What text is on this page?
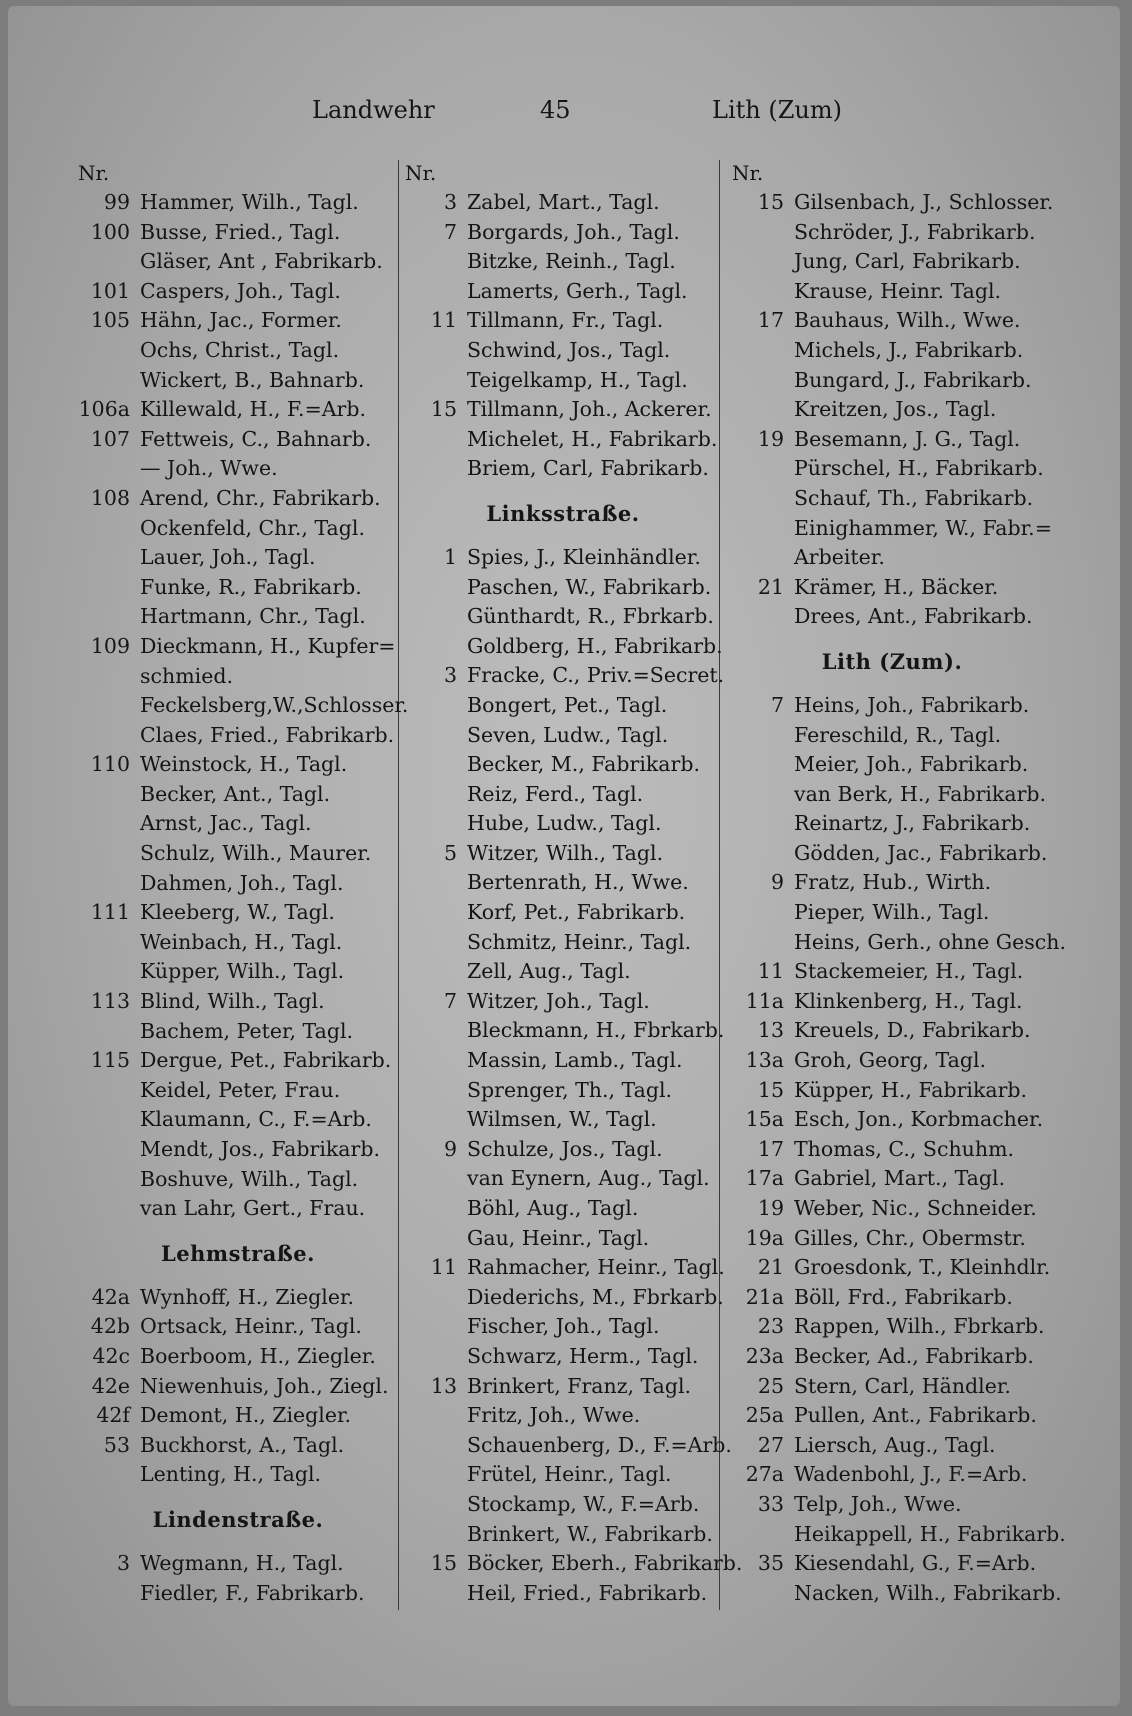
Landwehr	45	Lith (Zum)
Nr.
99 Hammer, Wilh., Tagl.
100 Busse, Fried., Tagl.
Gläser, Ant , Fabrikarb.
101 Caspers, Joh., Tagl.
105 Hähn, Jac., Former.
Ochs, Christ., Tagl.
Wickert, B., Bahnarb.
106a Killewald, H., F.=Arb.
107 Fettweis, C., Bahnarb.
— Joh., Wwe.
108 Arend, Chr., Fabrikarb.
Ockenfeld, Chr., Tagl.
Lauer, Joh., Tagl.
Funke, R., Fabrikarb.
Hartmann, Chr., Tagl.
109 Dieckmann, H., Kupfer=
schmied.
Feckelsberg,W.,Schlosser.
Claes, Fried., Fabrikarb.
110 Weinstock, H., Tagl.
Becker, Ant., Tagl.
Arnst, Jac., Tagl.
Schulz, Wilh., Maurer.
Dahmen, Joh., Tagl.
111 Kleeberg, W., Tagl.
Weinbach, H., Tagl.
Küpper, Wilh., Tagl.
113 Blind, Wilh., Tagl.
Bachem, Peter, Tagl.
115 Dergue, Pet., Fabrikarb.
Keidel, Peter, Frau.
Klaumann, C., F.=Arb.
Mendt, Jos., Fabrikarb.
Boshuve, Wilh., Tagl.
van Lahr, Gert., Frau.
Lehmstraße.
42a Wynhoff, H., Ziegler.
42b Ortsack, Heinr., Tagl.
42c Boerboom, H., Ziegler.
42e Niewenhuis, Joh., Ziegl.
42f Demont, H., Ziegler.
53 Buckhorst, A., Tagl.
Lenting, H., Tagl.
Lindenstraße.
3 Wegmann, H., Tagl.
Fiedler, F., Fabrikarb.
Nr.
3 Zabel, Mart., Tagl.
7 Borgards, Joh., Tagl.
Bitzke, Reinh., Tagl.
Lamerts, Gerh., Tagl.
11 Tillmann, Fr., Tagl.
Schwind, Jos., Tagl.
Teigelkamp, H., Tagl.
15 Tillmann, Joh., Ackerer.
Michelet, H., Fabrikarb.
Briem, Carl, Fabrikarb.
Linksstraße.
1 Spies, J., Kleinhändler.
Paschen, W., Fabrikarb.
Günthardt, R., Fbrkarb.
Goldberg, H., Fabrikarb.
3 Fracke, C., Priv.=Secret.
Bongert, Pet., Tagl.
Seven, Ludw., Tagl.
Becker, M., Fabrikarb.
Reiz, Ferd., Tagl.
Hube, Ludw., Tagl.
5 Witzer, Wilh., Tagl.
Bertenrath, H., Wwe.
Korf, Pet., Fabrikarb.
Schmitz, Heinr., Tagl.
Zell, Aug., Tagl.
7 Witzer, Joh., Tagl.
Bleckmann, H., Fbrkarb.
Massin, Lamb., Tagl.
Sprenger, Th., Tagl.
Wilmsen, W., Tagl.
9 Schulze, Jos., Tagl.
van Eynern, Aug., Tagl.
Böhl, Aug., Tagl.
Gau, Heinr., Tagl.
11 Rahmacher, Heinr., Tagl.
Diederichs, M., Fbrkarb.
Fischer, Joh., Tagl.
Schwarz, Herm., Tagl.
13 Brinkert, Franz, Tagl.
Fritz, Joh., Wwe.
Schauenberg, D., F.=Arb.
Frütel, Heinr., Tagl.
Stockamp, W., F.=Arb.
Brinkert, W., Fabrikarb.
15 Böcker, Eberh., Fabrikarb.
Heil, Fried., Fabrikarb.
Nr.
15 Gilsenbach, J., Schlosser.
Schröder, J., Fabrikarb.
Jung, Carl, Fabrikarb.
Krause, Heinr. Tagl.
17 Bauhaus, Wilh., Wwe.
Michels, J., Fabrikarb.
Bungard, J., Fabrikarb.
Kreitzen, Jos., Tagl.
19 Besemann, J. G., Tagl.
Pürschel, H., Fabrikarb.
Schauf, Th., Fabrikarb.
Einighammer, W., Fabr.=
Arbeiter.
21 Krämer, H., Bäcker.
Drees, Ant., Fabrikarb.
Lith (Zum).
7 Heins, Joh., Fabrikarb.
Fereschild, R., Tagl.
Meier, Joh., Fabrikarb.
van Berk, H., Fabrikarb.
Reinartz, J., Fabrikarb.
Gödden, Jac., Fabrikarb.
9 Fratz, Hub., Wirth.
Pieper, Wilh., Tagl.
Heins, Gerh., ohne Gesch.
11 Stackemeier, H., Tagl.
11a Klinkenberg, H., Tagl.
13 Kreuels, D., Fabrikarb.
13a Groh, Georg, Tagl.
15 Küpper, H., Fabrikarb.
15a Esch, Jon., Korbmacher.
17 Thomas, C., Schuhm.
17a Gabriel, Mart., Tagl.
19 Weber, Nic., Schneider.
19a Gilles, Chr., Obermstr.
21 Groesdonk, T., Kleinhdlr.
21a Böll, Frd., Fabrikarb.
23 Rappen, Wilh., Fbrkarb.
23a Becker, Ad., Fabrikarb.
25 Stern, Carl, Händler.
25a Pullen, Ant., Fabrikarb.
27 Liersch, Aug., Tagl.
27a Wadenbohl, J., F.=Arb.
33 Telp, Joh., Wwe.
Heikappell, H., Fabrikarb.
35 Kiesendahl, G., F.=Arb.
Nacken, Wilh., Fabrikarb.
